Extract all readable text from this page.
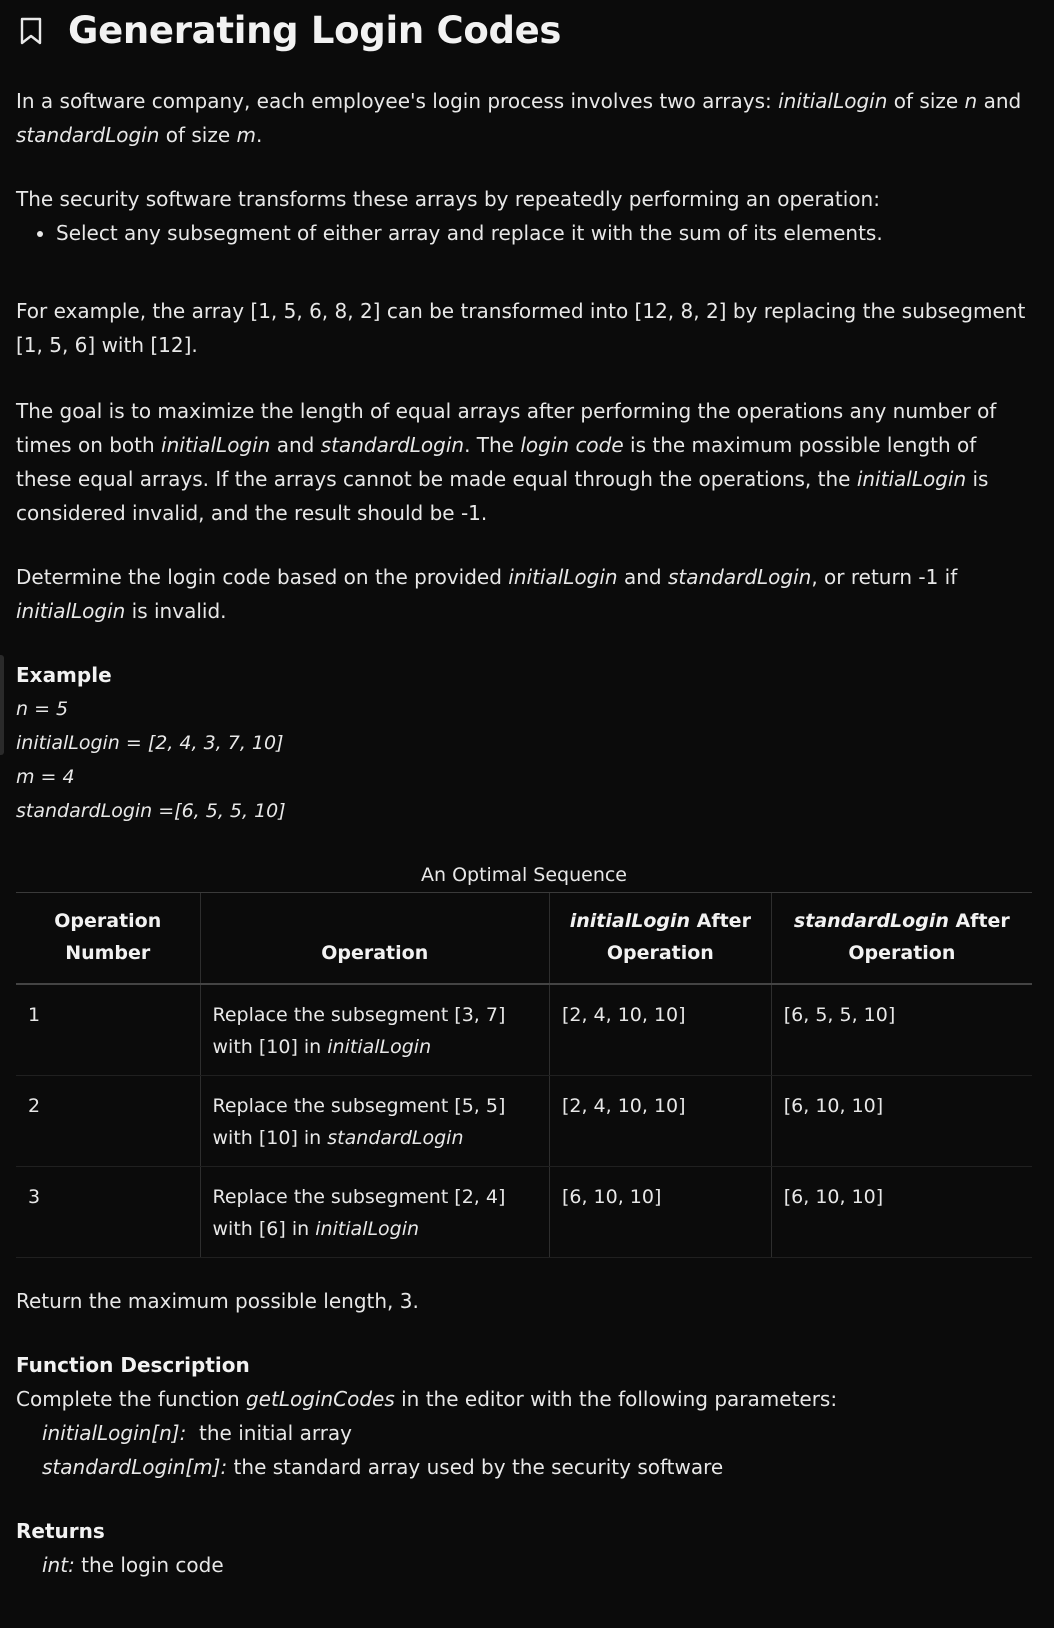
Generating Login Codes

In a software company, each employee's login process involves two arrays: initialLogin of size n and standardLogin of size m.

The security software transforms these arrays by repeatedly performing an operation:

• Select any subsegment of either array and replace it with the sum of its elements.

For example, the array [1, 5, 6, 8, 2] can be transformed into [12, 8, 2] by replacing the subsegment [1, 5, 6] with [12].

The goal is to maximize the length of equal arrays after performing the operations any number of times on both initialLogin and standardLogin. The login code is the maximum possible length of these equal arrays. If the arrays cannot be made equal through the operations, the initialLogin is considered invalid, and the result should be -1.

Determine the login code based on the provided initialLogin and standardLogin, or return -1 if initialLogin is invalid.

Example
n = 5
initialLogin = [2, 4, 3, 7, 10]
m = 4
standardLogin =[6, 5, 5, 10]
An Optimal Sequence
Operation Number	Operation	initialLogin After Operation	standardLogin After Operation
1	Replace the subsegment [3, 7] with [10] in initialLogin	[2, 4, 10, 10]	[6, 5, 5, 10]
2	Replace the subsegment [5, 5] with [10] in standardLogin	[2, 4, 10, 10]	[6, 10, 10]
3	Replace the subsegment [2, 4] with [6] in initialLogin	[6, 10, 10]	[6, 10, 10]

Return the maximum possible length, 3.

Function Description
Complete the function getLoginCodes in the editor with the following parameters:
initialLogin[n]:  the initial array
standardLogin[m]: the standard array used by the security software
Returns
int: the login code
